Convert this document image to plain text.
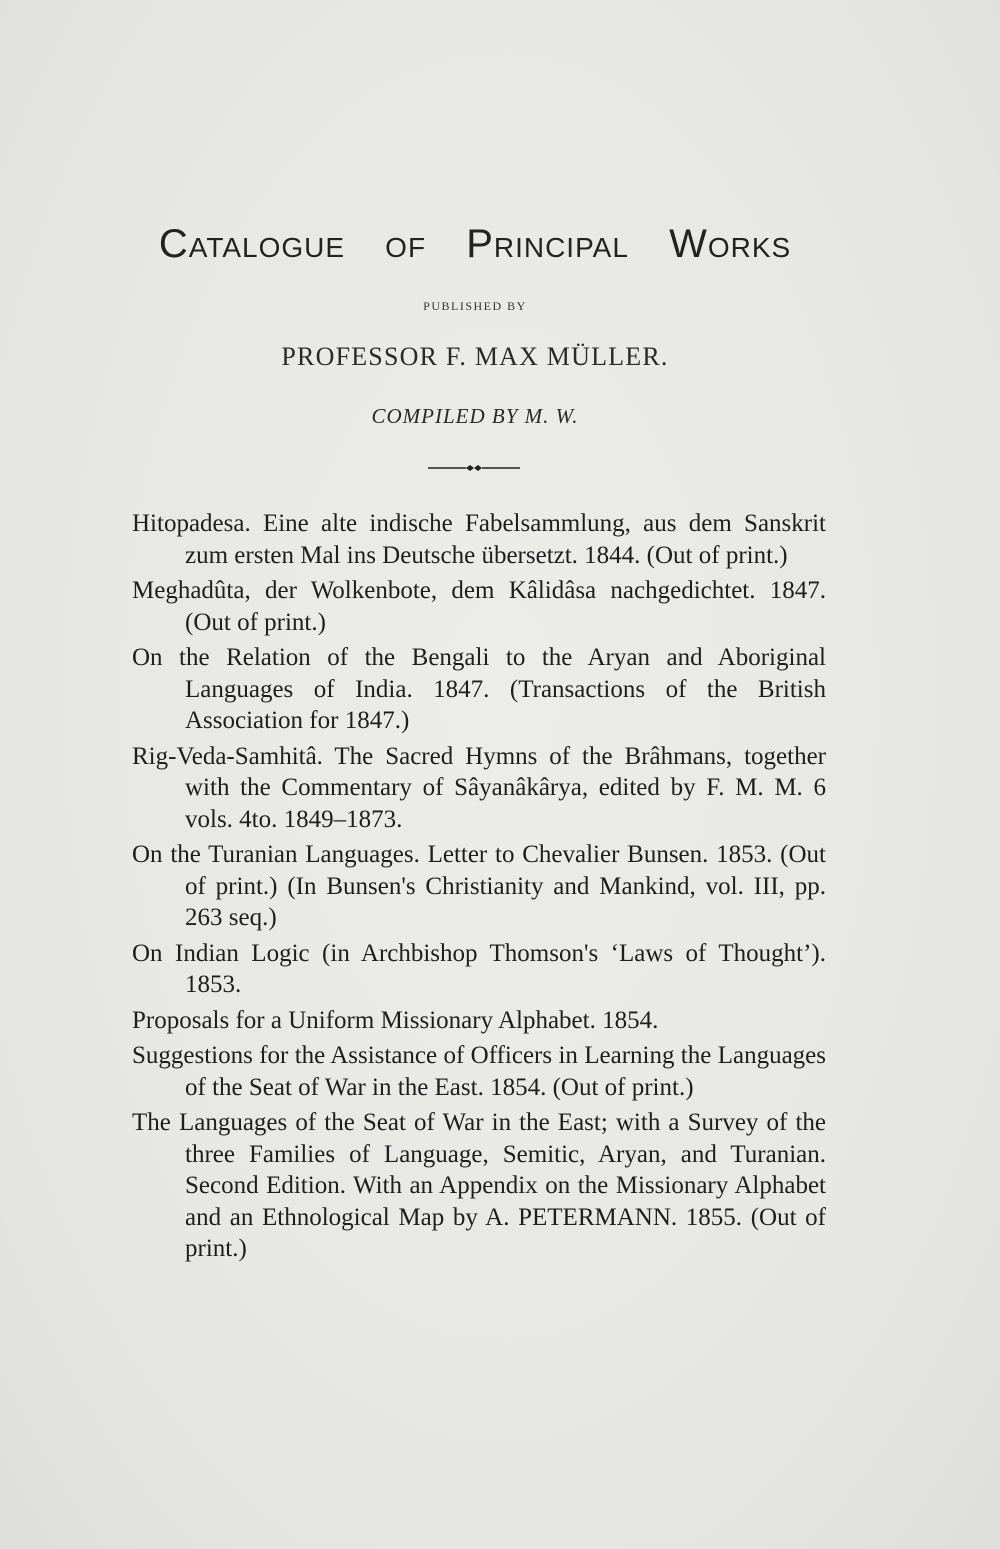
Catalogue of Principal Works
PUBLISHED BY
PROFESSOR F. MAX MÜLLER.
COMPILED BY M. W.

Hitopadesa. Eine alte indische Fabelsammlung, aus dem Sanskrit zum ersten Mal ins Deutsche übersetzt. 1844. (Out of print.)

Meghadûta, der Wolkenbote, dem Kâlidâsa nachgedichtet. 1847. (Out of print.)

On the Relation of the Bengali to the Aryan and Aboriginal Languages of India. 1847. (Transactions of the British Association for 1847.)

Rig-Veda-Samhitâ. The Sacred Hymns of the Brâhmans, together with the Commentary of Sâyanâkârya, edited by F. M. M. 6 vols. 4to. 1849–1873.

On the Turanian Languages. Letter to Chevalier Bunsen. 1853. (Out of print.) (In Bunsen's Christianity and Mankind, vol. III, pp. 263 seq.)

On Indian Logic (in Archbishop Thomson's ‘Laws of Thought’). 1853.

Proposals for a Uniform Missionary Alphabet. 1854.

Suggestions for the Assistance of Officers in Learning the Languages of the Seat of War in the East. 1854. (Out of print.)

The Languages of the Seat of War in the East; with a Survey of the three Families of Language, Semitic, Aryan, and Turanian. Second Edition. With an Appendix on the Missionary Alphabet and an Ethnological Map by A. PETERMANN. 1855. (Out of print.)
